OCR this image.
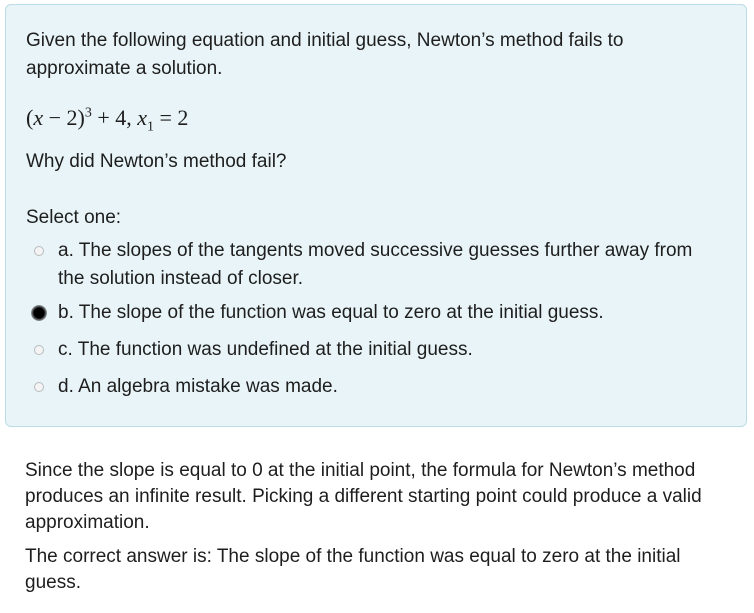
Given the following equation and initial guess, Newton’s method fails to approximate a solution.

$(x - 2)^3 + 4$, $x_1 = 2$

Why did Newton’s method fail?

Select one:

a. The slopes of the tangents moved successive guesses further away from the solution instead of closer.
b. The slope of the function was equal to zero at the initial guess.
c. The function was undefined at the initial guess.
d. An algebra mistake was made.

Since the slope is equal to 0 at the initial point, the formula for Newton’s method produces an infinite result. Picking a different starting point could produce a valid approximation.

The correct answer is: The slope of the function was equal to zero at the initial guess.
